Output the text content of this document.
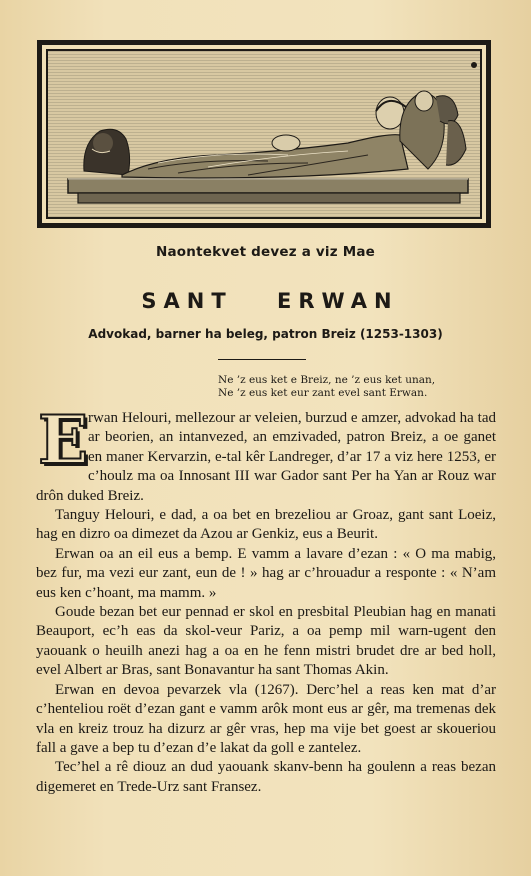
Naontekvet devez a viz Mae
SANT ERWAN
Advokad, barner ha beleg, patron Breiz (1253-1303)
Ne ’z eus ket e Breiz, ne ’z eus ket unan,
Ne ’z eus ket eur zant evel sant Erwan.

E rwan Helouri, mellezour ar veleien, burzud e amzer, advokad ha tad ar beorien, an intanvezed, an emzivaded, patron Breiz, a oe ganet en maner Kervarzin, e-tal kêr Landreger, d’ar 17 a viz here 1253, er c’houlz ma oa Innosant III war Gador sant Per ha Yan ar Rouz war drôn duked Breiz.

Tanguy Helouri, e dad, a oa bet en brezeliou ar Groaz, gant sant Loeiz, hag en dizro oa dimezet da Azou ar Genkiz, eus a Beurit.

Erwan oa an eil eus a bemp. E vamm a lavare d’ezan : « O ma mabig, bez fur, ma vezi eur zant, eun de ! » hag ar c’hrouadur a responte : « N’am eus ken c’hoant, ma mamm. »

Goude bezan bet eur pennad er skol en presbital Pleubian hag en manati Beauport, ec’h eas da skol-veur Pariz, a oa pemp mil warn-ugent den yaouank o heuilh anezi hag a oa en he fenn mistri brudet dre ar bed holl, evel Albert ar Bras, sant Bonavantur ha sant Thomas Akin.

Erwan en devoa pevarzek vla (1267). Derc’hel a reas ken mat d’ar c’henteliou roët d’ezan gant e vamm arôk mont eus ar gêr, ma tremenas dek vla en kreiz trouz ha dizurz ar gêr vras, hep ma vije bet goest ar skoueriou fall a gave a bep tu d’ezan d’e lakat da goll e zantelez.

Tec’hel a rê diouz an dud yaouank skanv-benn ha goulenn a reas bezan digemeret en Trede-Urz sant Fransez.
